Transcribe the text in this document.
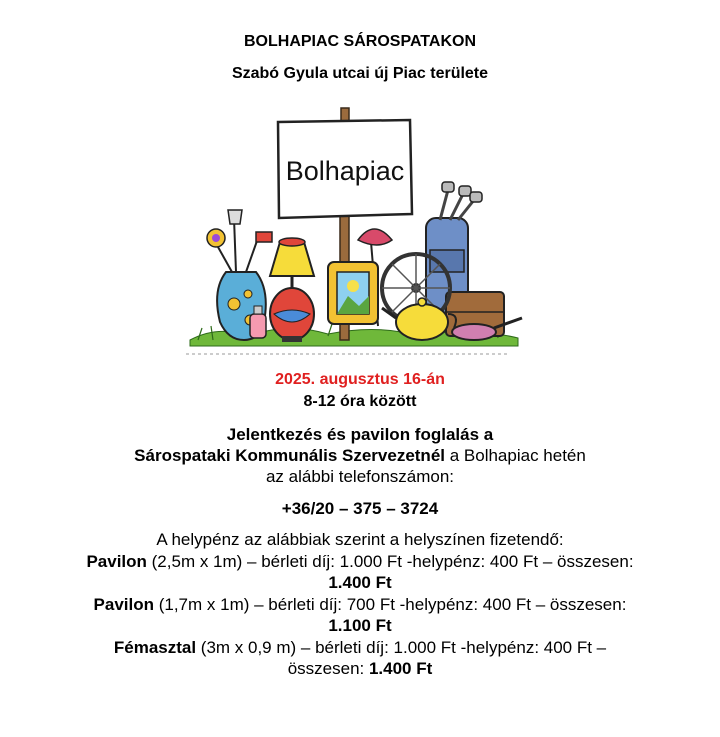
BOLHAPIAC SÁROSPATAKON
Szabó Gyula utcai új Piac területe
Bolhapiac
2025. augusztus 16-án
8-12 óra között
Jelentkezés és pavilon foglalás a
Sárospataki Kommunális Szervezetnél a Bolhapiac hetén
az alábbi telefonszámon:
+36/20 – 375 – 3724
A helypénz az alábbiak szerint a helyszínen fizetendő:
Pavilon (2,5m x 1m) – bérleti díj: 1.000 Ft -helypénz: 400 Ft – összesen:
1.400 Ft
Pavilon (1,7m x 1m) – bérleti díj: 700 Ft -helypénz: 400 Ft – összesen:
1.100 Ft
Fémasztal (3m x 0,9 m) – bérleti díj: 1.000 Ft -helypénz: 400 Ft –
összesen: 1.400 Ft
